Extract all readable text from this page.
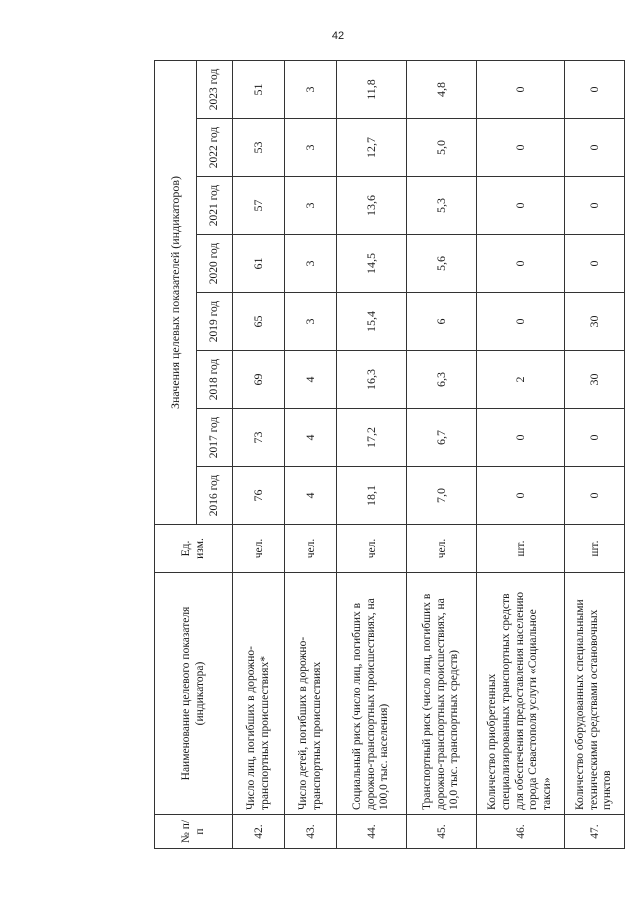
42
№ п/п	Наименование целевого показателя (индикатора)	Ед. изм.	Значения целевых показателей (индикаторов)							
			2016 год	2017 год	2018 год	2019 год	2020 год	2021 год	2022 год	2023 год
42.	Число лиц, погибших в дорожно-транспортных происшествиях*	чел.	76	73	69	65	61	57	53	51
43.	Число детей, погибших в дорожно-транспортных происшествиях	чел.	4	4	4	3	3	3	3	3
44.	Социальный риск (число лиц, погибших в дорожно-транспортных происшествиях, на 100,0 тыс. населения)	чел.	18,1	17,2	16,3	15,4	14,5	13,6	12,7	11,8
45.	Транспортный риск (число лиц, погибших в дорожно-транспортных происшествиях, на 10,0 тыс. транспортных средств)	чел.	7,0	6,7	6,3	6	5,6	5,3	5,0	4,8
46.	Количество приобретенных специализированных транспортных средств для обеспечения предоставления населению города Севастополя услуги «Социальное такси»	шт.	0	0	2	0	0	0	0	0
47.	Количество оборудованных специальными техническими средствами остановочных пунктов	шт.	0	0	30	30	0	0	0	0
